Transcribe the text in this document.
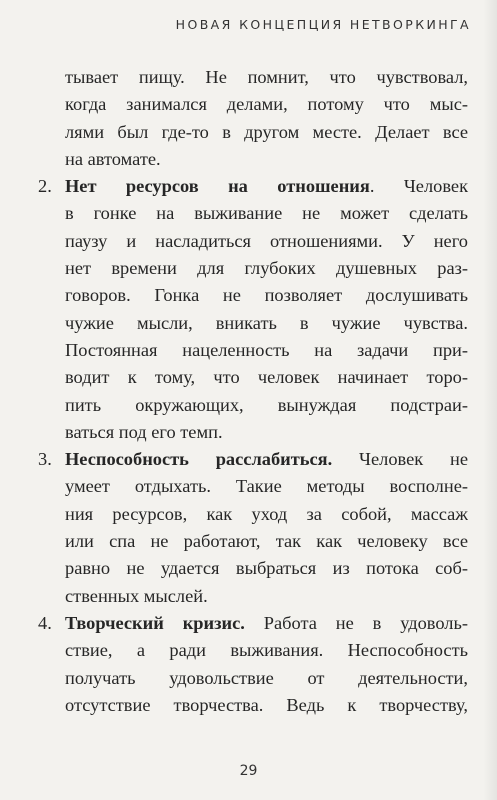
НОВАЯ КОНЦЕПЦИЯ НЕТВОРКИНГА
тывает пищу. Не помнит, что чувствовал,
когда занимался делами, потому что мыс-
лями был где-то в другом месте. Делает все
на автомате.
2. Нет ресурсов на отношения. Человек
в гонке на выживание не может сделать
паузу и насладиться отношениями. У него
нет времени для глубоких душевных раз-
говоров. Гонка не позволяет дослушивать
чужие мысли, вникать в чужие чувства.
Постоянная нацеленность на задачи при-
водит к тому, что человек начинает торо-
пить окружающих, вынуждая подстраи-
ваться под его темп.
3. Неспособность расслабиться. Человек не
умеет отдыхать. Такие методы восполне-
ния ресурсов, как уход за собой, массаж
или спа не работают, так как человеку все
равно не удается выбраться из потока соб-
ственных мыслей.
4. Творческий кризис. Работа не в удоволь-
ствие, а ради выживания. Неспособность
получать удовольствие от деятельности,
отсутствие творчества. Ведь к творчеству,
29
